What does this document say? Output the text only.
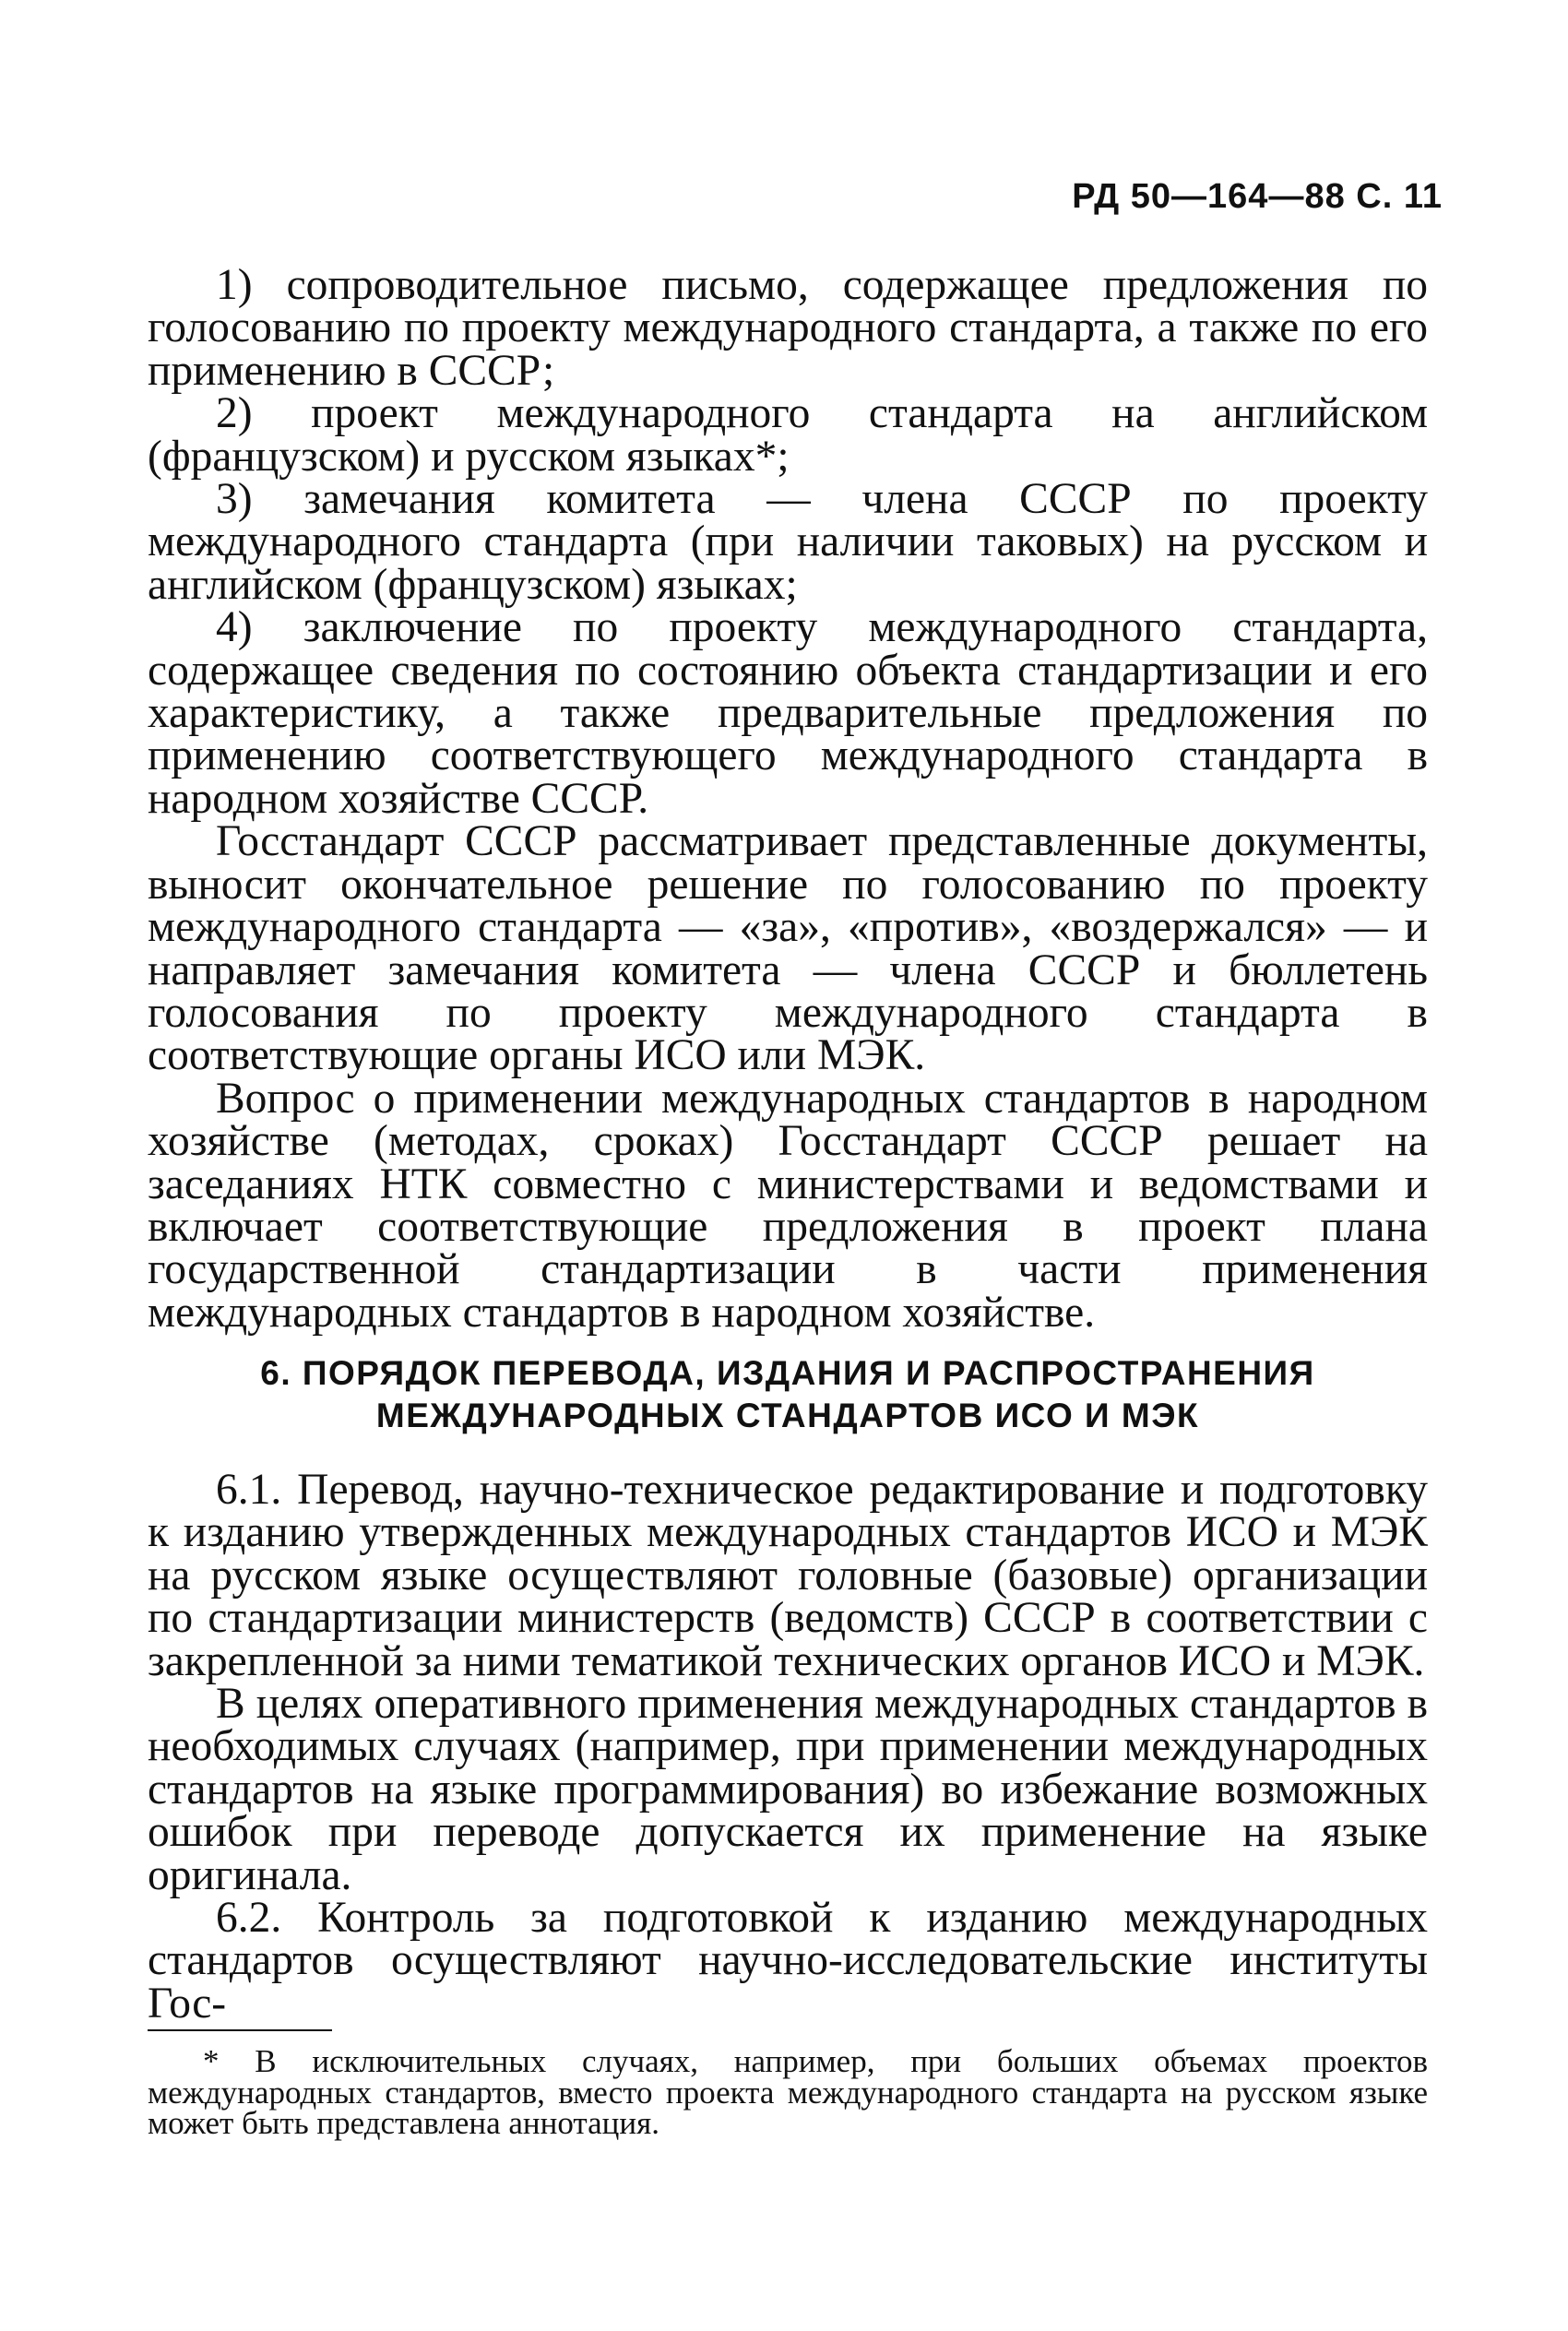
РД 50—164—88 С. 11

1) сопроводительное письмо, содержащее предложения по голосованию по проекту международного стандарта, а также по его применению в СССР;

2) проект международного стандарта на английском (французском) и русском языках*;

3) замечания комитета — члена СССР по проекту международного стандарта (при наличии таковых) на русском и английском (французском) языках;

4) заключение по проекту международного стандарта, содержащее сведения по состоянию объекта стандартизации и его характеристику, а также предварительные предложения по применению соответствующего международного стандарта в народном хозяйстве СССР.

Госстандарт СССР рассматривает представленные документы, выносит окончательное решение по голосованию по проекту международного стандарта — «за», «против», «воздержался» — и направляет замечания комитета — члена СССР и бюллетень голосования по проекту международного стандарта в соответствующие органы ИСО или МЭК.

Вопрос о применении международных стандартов в народном хозяйстве (методах, сроках) Госстандарт СССР решает на заседаниях НТК совместно с министерствами и ведомствами и включает соответствующие предложения в проект плана государственной стандартизации в части применения международных стандартов в народном хозяйстве.

6. ПОРЯДОК ПЕРЕВОДА, ИЗДАНИЯ И РАСПРОСТРАНЕНИЯ
МЕЖДУНАРОДНЫХ СТАНДАРТОВ ИСО И МЭК

6.1. Перевод, научно-техническое редактирование и подготовку к изданию утвержденных международных стандартов ИСО и МЭК на русском языке осуществляют головные (базовые) организации по стандартизации министерств (ведомств) СССР в соответствии с закрепленной за ними тематикой технических органов ИСО и МЭК.

В целях оперативного применения международных стандартов в необходимых случаях (например, при применении международных стандартов на языке программирования) во избежание возможных ошибок при переводе допускается их применение на языке оригинала.

6.2. Контроль за подготовкой к изданию международных стандартов осуществляют научно-исследовательские институты Гос-

* В исключительных случаях, например, при больших объемах проектов международных стандартов, вместо проекта международного стандарта на русском языке может быть представлена аннотация.
